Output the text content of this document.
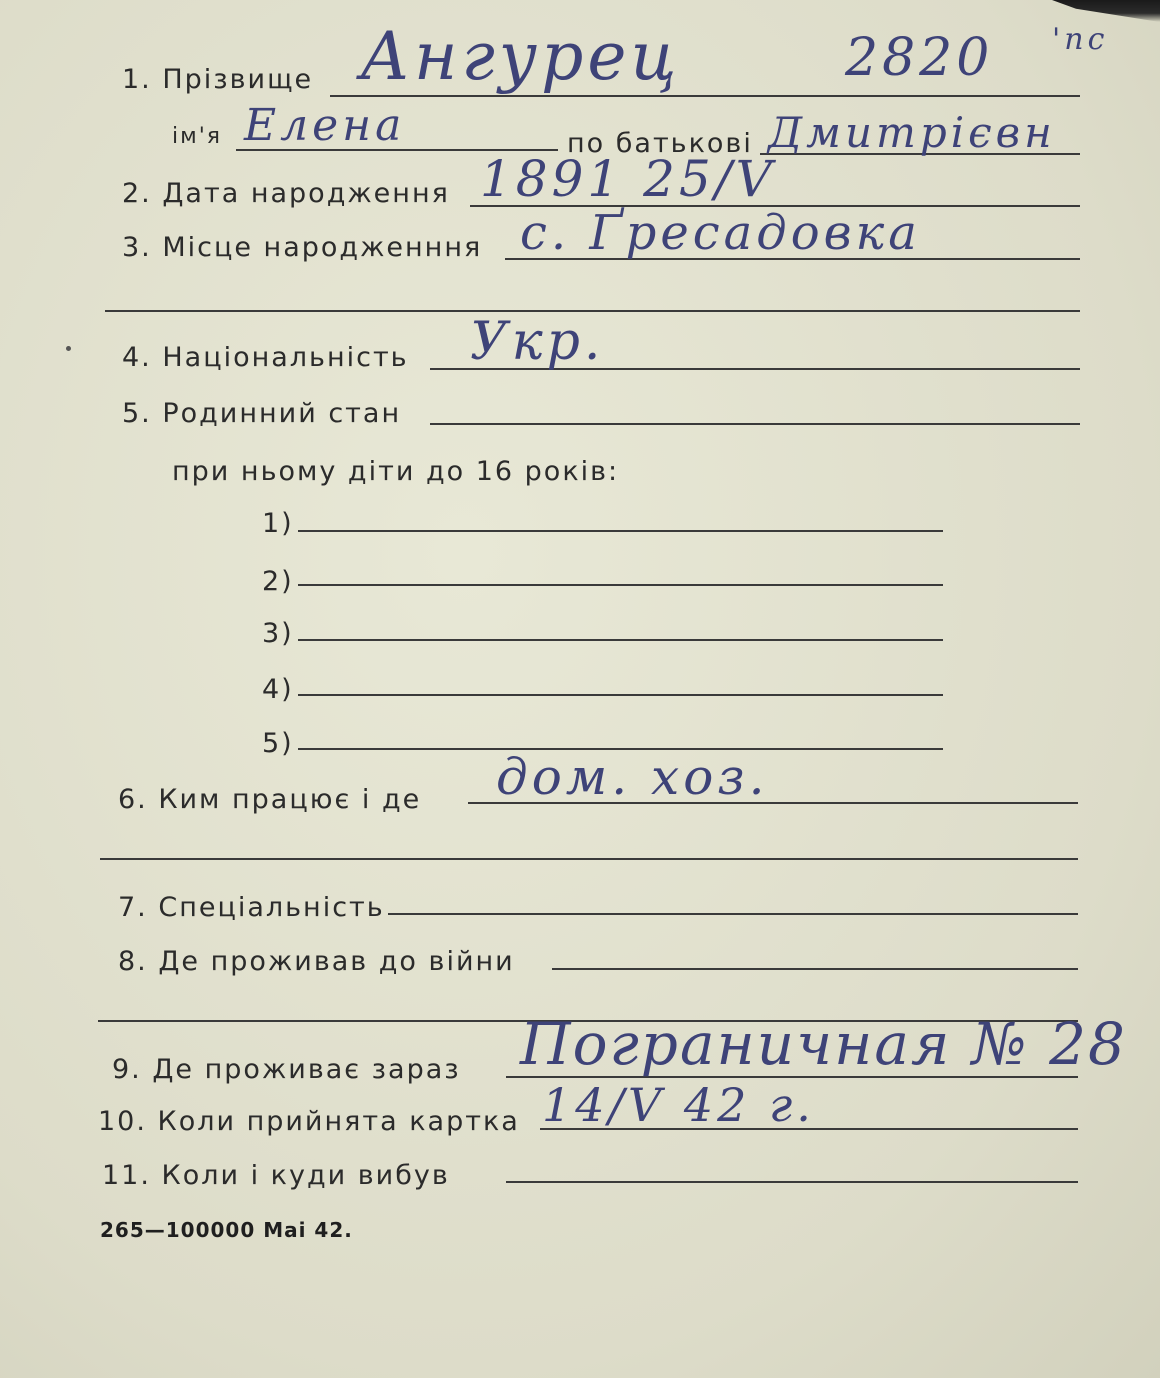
1. Прізвище Ангурец	2820 'пс
ім'я Елена	по батькові Дмитрієвн
2. Дата народження 1891 25/V
3. Місце народженння с. Ґресадовка
4. Національність Укр.
5. Родинний стан
при ньому діти до 16 років:
1)
2)
3)
4)
5)
6. Ким працює і де дом. хоз.
7. Спеціальність
8. Де проживав до війни
9. Де проживає зараз Пограничная № 28
10. Коли прийнята картка 14/V 42 г.
11. Коли і куди вибув
265—100000 Mai 42.
